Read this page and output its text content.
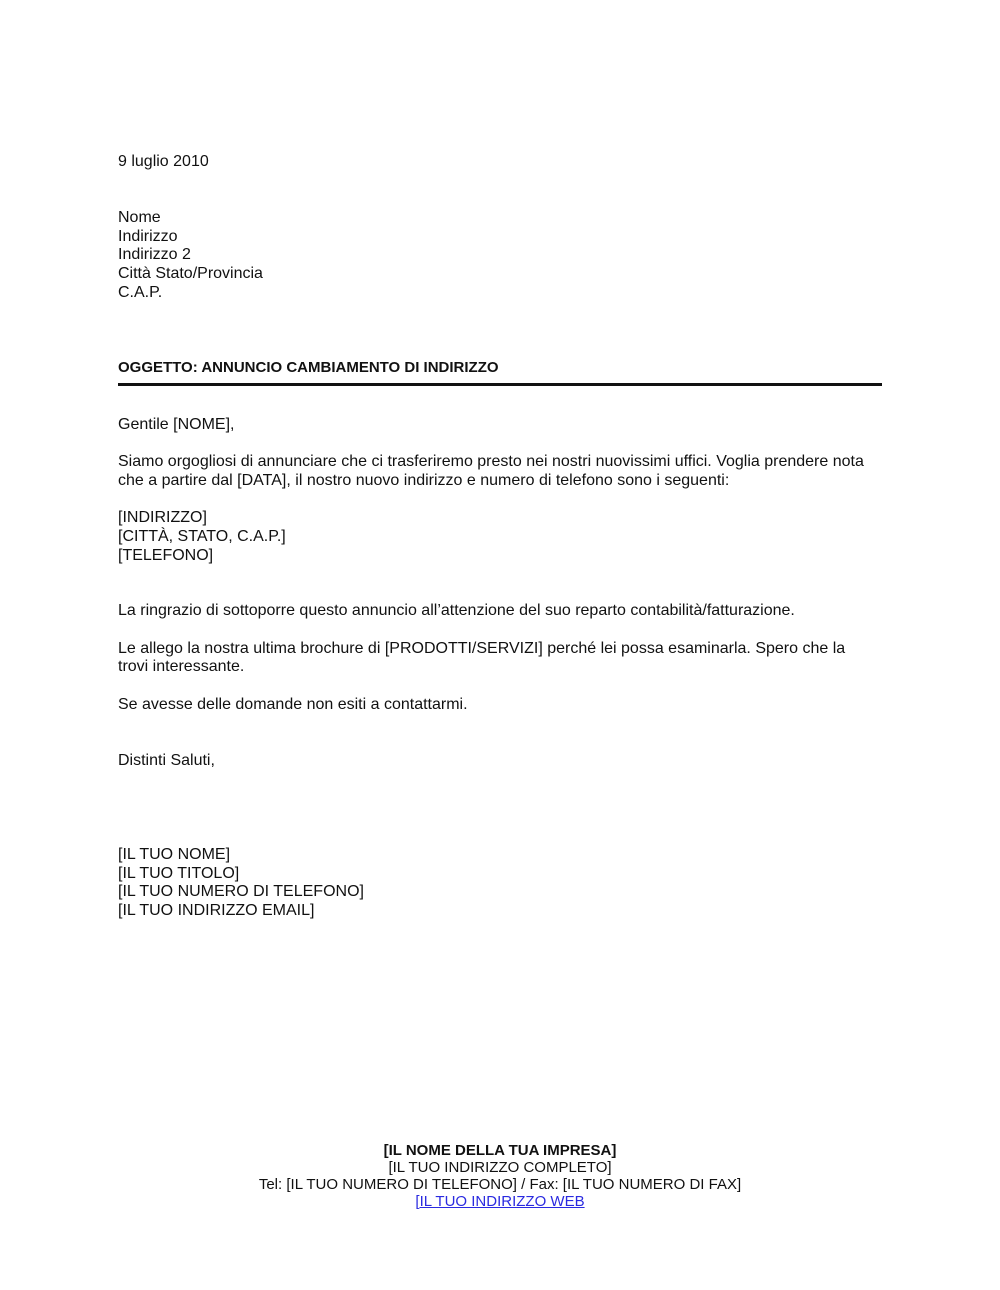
9 luglio 2010
Nome
Indirizzo
Indirizzo 2
Città Stato/Provincia
C.A.P.
OGGETTO: ANNUNCIO CAMBIAMENTO DI INDIRIZZO
Gentile [NOME],
Siamo orgogliosi di annunciare che ci trasferiremo presto nei nostri nuovissimi uffici. Voglia prendere nota
che a partire dal [DATA], il nostro nuovo indirizzo e numero di telefono sono i seguenti:
[INDIRIZZO]
[CITTÀ, STATO, C.A.P.]
[TELEFONO]
La ringrazio di sottoporre questo annuncio all’attenzione del suo reparto contabilità/fatturazione.
Le allego la nostra ultima brochure di [PRODOTTI/SERVIZI] perché lei possa esaminarla. Spero che la
trovi interessante.
Se avesse delle domande non esiti a contattarmi.
Distinti Saluti,
[IL TUO NOME]
[IL TUO TITOLO]
[IL TUO NUMERO DI TELEFONO]
[IL TUO INDIRIZZO EMAIL]
[IL NOME DELLA TUA IMPRESA]
[IL TUO INDIRIZZO COMPLETO]
Tel: [IL TUO NUMERO DI TELEFONO] / Fax: [IL TUO NUMERO DI FAX]
[IL TUO INDIRIZZO WEB
